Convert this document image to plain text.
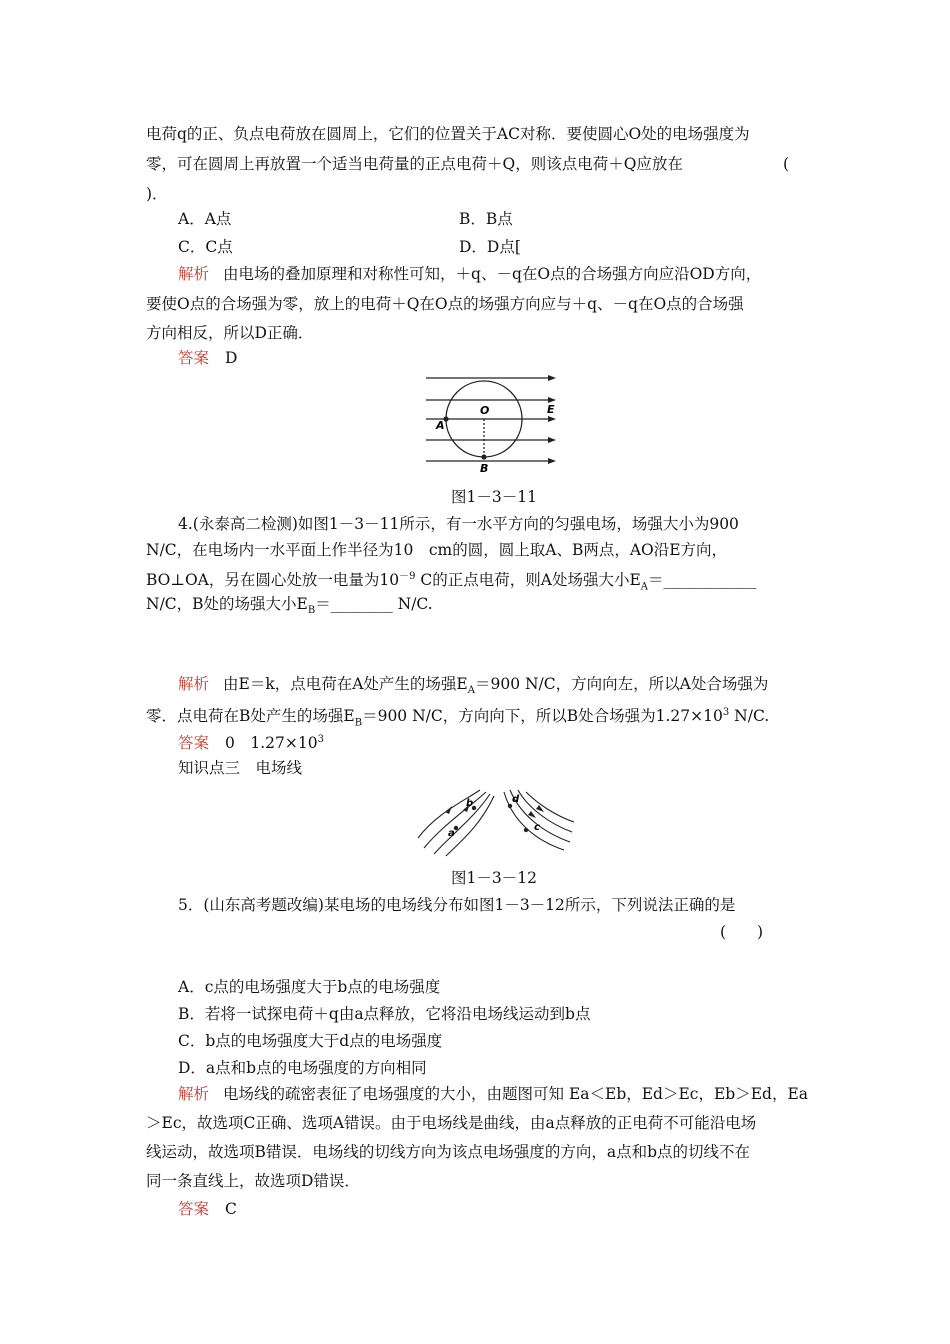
电荷q的正、负点电荷放在圆周上，它们的位置关于AC对称．要使圆心O处的电场强度为
零，可在圆周上再放置一个适当电荷量的正点电荷＋Q，则该点电荷＋Q应放在	(
)．
A．A点	B．B点
C．C点	D．D点[
解析 由电场的叠加原理和对称性可知，＋q、－q在O点的合场强方向应沿OD方向，
要使O点的合场强为零，放上的电荷＋Q在O点的场强方向应与＋q、－q在O点的合场强
方向相反，所以D正确．
答案 D
O	E
A
B
图1－3－11
4.(永泰高二检测)如图1－3－11所示，有一水平方向的匀强电场，场强大小为900
N/C，在电场内一水平面上作半径为10　cm的圆，圆上取A、B两点，AO沿E方向，
BO⊥OA，另在圆心处放一电量为$10^{-9}$ C的正点电荷，则A处场强大小$E_A=\_\_\_\_\_\_\_\_\_\_\_\_$
N/C，B处的场强大小$E_B=\_\_\_\_\_\_\_\_$ N/C.
解析 由E＝k，点电荷在A处产生的场强$E_A=900$ N/C，方向向左，所以A处合场强为
零．点电荷在B处产生的场强$E_B=900$ N/C，方向向下，所以B处合场强为$1.27\times 10^3$ N/C.
答案 0　$1.27\times 10^3$
知识点三　电场线
a
b
c
d
图1－3－12
5．(山东高考题改编)某电场的电场线分布如图1－3－12所示，下列说法正确的是
(　　)
A．c点的电场强度大于b点的电场强度
B．若将一试探电荷＋q由a点释放，它将沿电场线运动到b点
C．b点的电场强度大于d点的电场强度
D．a点和b点的电场强度的方向相同
解析 电场线的疏密表征了电场强度的大小，由题图可知 Ea＜Eb，Ed＞Ec，Eb＞Ed，Ea
＞Ec，故选项C正确、选项A错误。由于电场线是曲线，由a点释放的正电荷不可能沿电场
线运动，故选项B错误．电场线的切线方向为该点电场强度的方向，a点和b点的切线不在
同一条直线上，故选项D错误．
答案 C
